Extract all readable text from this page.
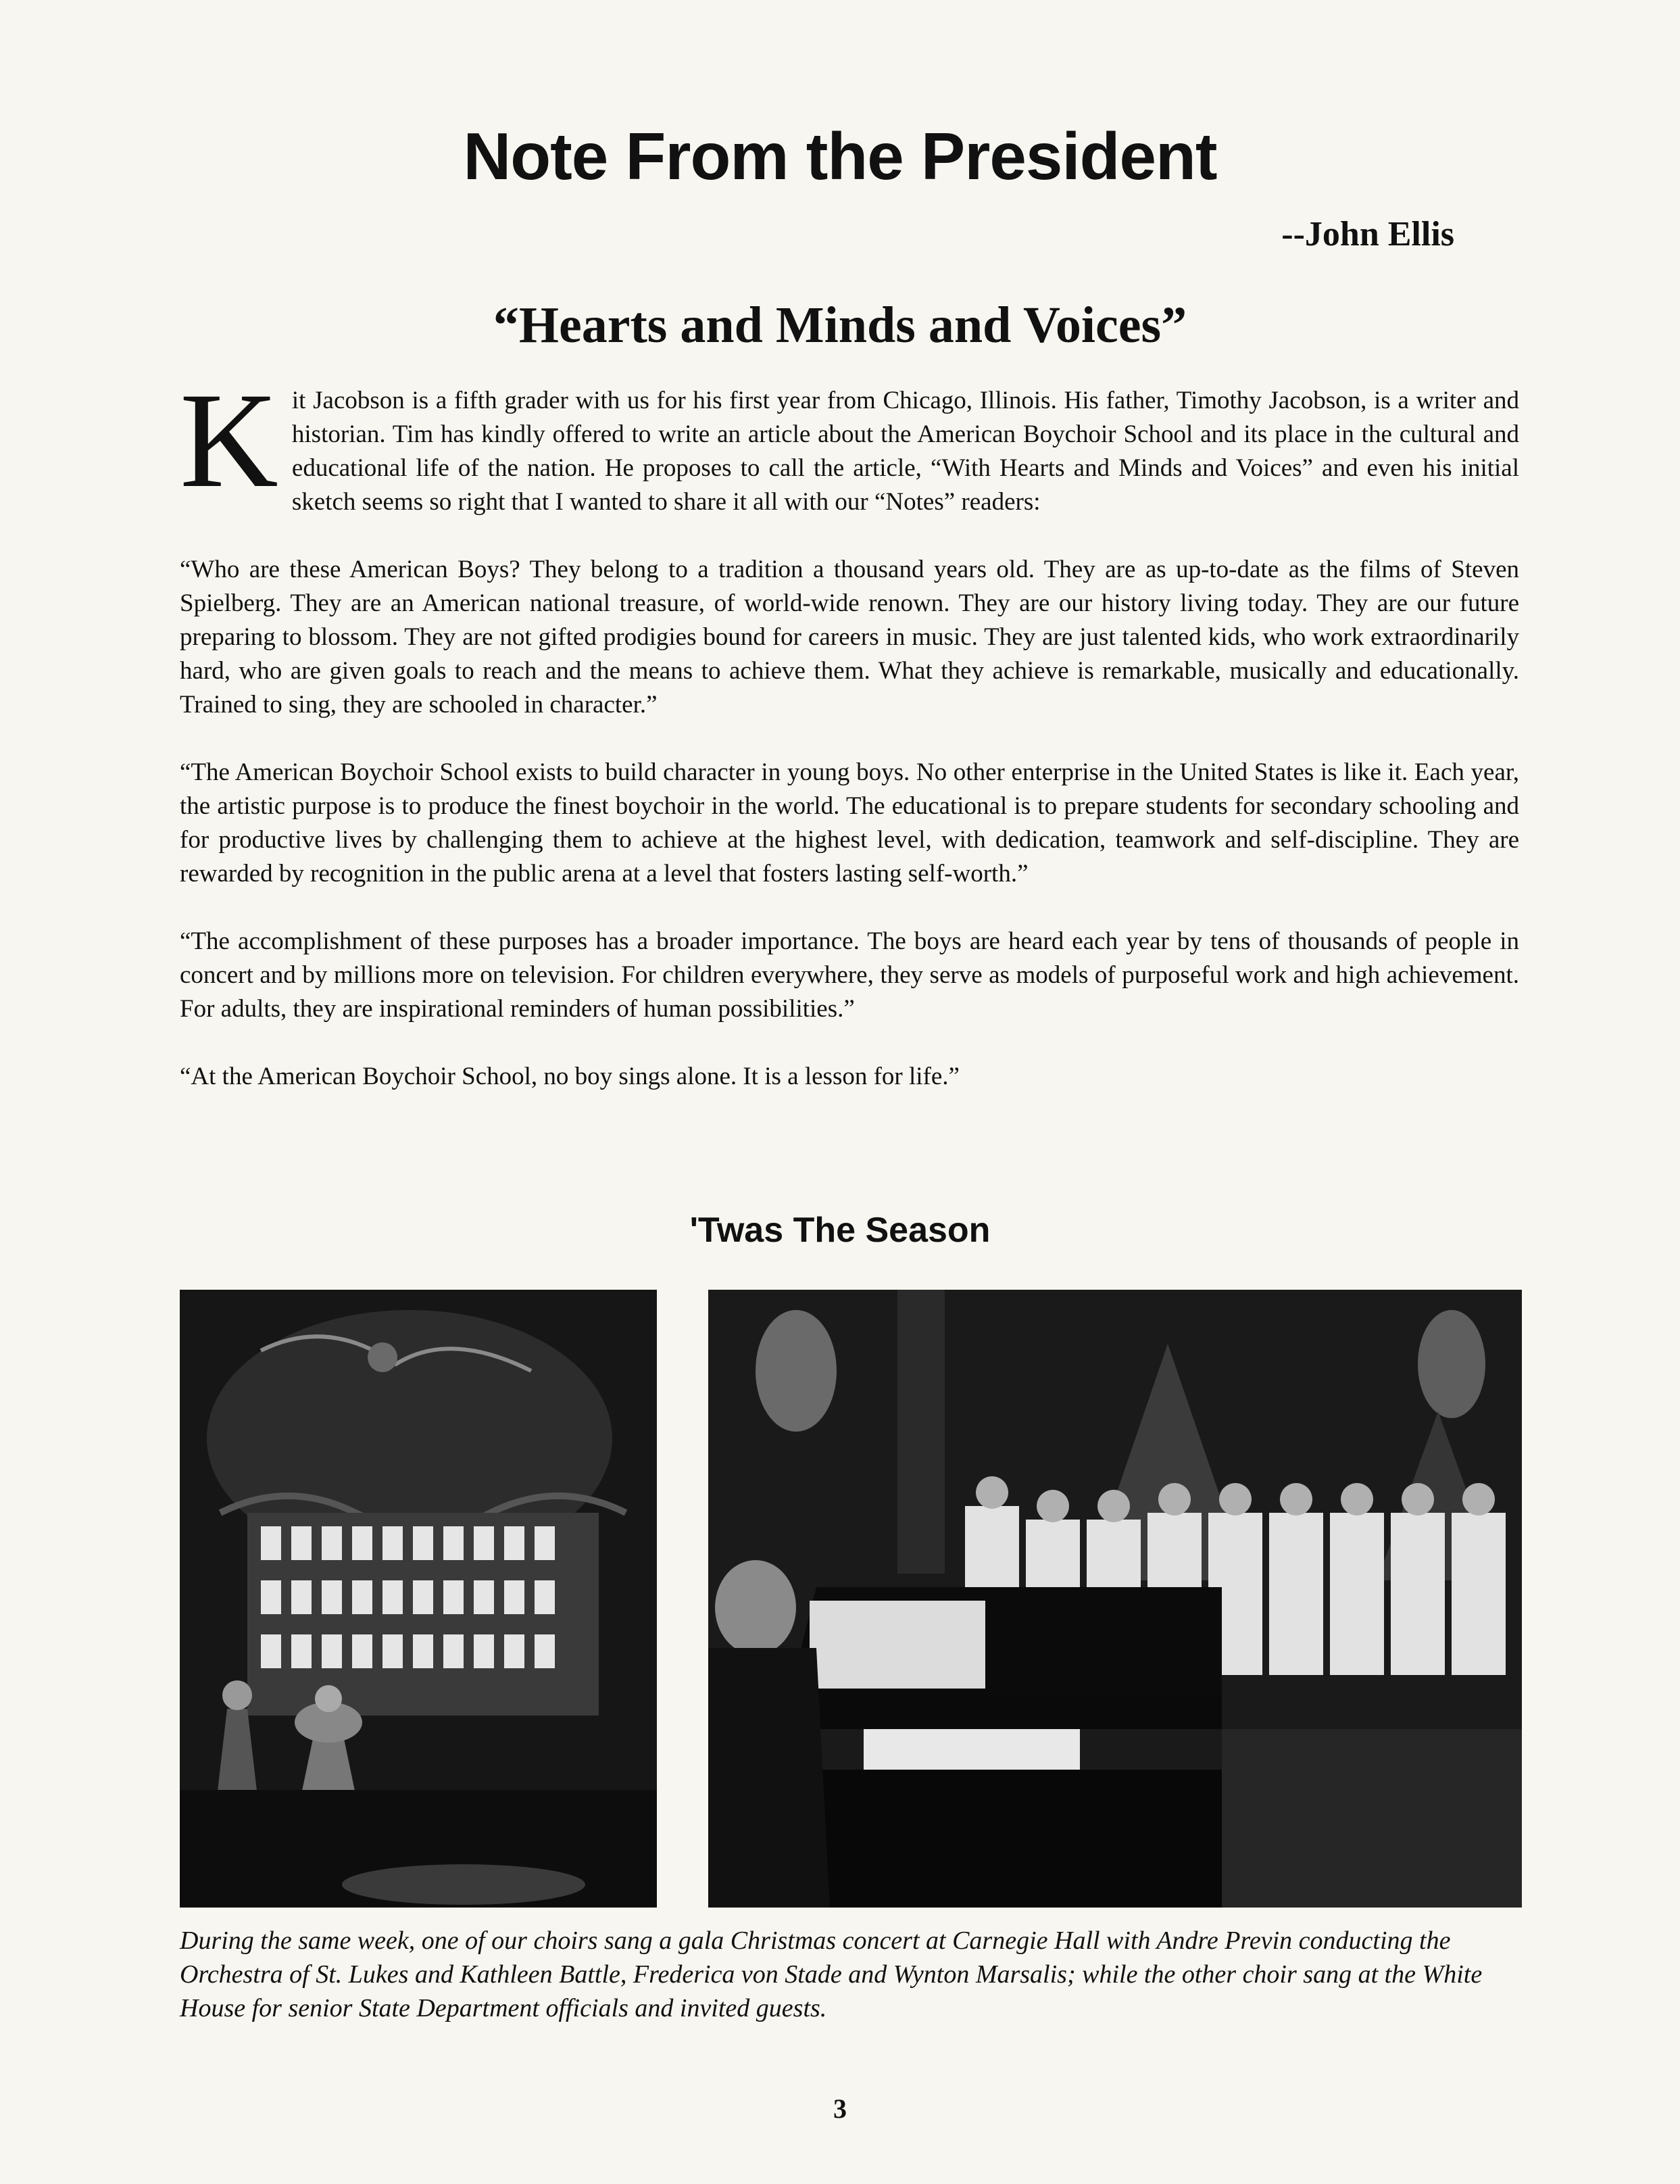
Note From the President
--John Ellis
“Hearts and Minds and Voices”

Kit Jacobson is a fifth grader with us for his first year from Chicago, Illinois. His father, Timothy Jacobson, is a writer and historian. Tim has kindly offered to write an article about the American Boychoir School and its place in the cultural and educational life of the nation. He proposes to call the article, “With Hearts and Minds and Voices” and even his initial sketch seems so right that I wanted to share it all with our “Notes” readers:

“Who are these American Boys? They belong to a tradition a thousand years old. They are as up-to-date as the films of Steven Spielberg. They are an American national treasure, of world-wide renown. They are our history living today. They are our future preparing to blossom. They are not gifted prodigies bound for careers in music. They are just talented kids, who work extraordinarily hard, who are given goals to reach and the means to achieve them. What they achieve is remarkable, musically and educationally. Trained to sing, they are schooled in character.”

“The American Boychoir School exists to build character in young boys. No other enterprise in the United States is like it. Each year, the artistic purpose is to produce the finest boychoir in the world. The educational is to prepare students for secondary schooling and for productive lives by challenging them to achieve at the highest level, with dedication, teamwork and self-discipline. They are rewarded by recognition in the public arena at a level that fosters lasting self-worth.”

“The accomplishment of these purposes has a broader importance. The boys are heard each year by tens of thousands of people in concert and by millions more on television. For children everywhere, they serve as models of purposeful work and high achievement. For adults, they are inspirational reminders of human possibilities.”

“At the American Boychoir School, no boy sings alone. It is a lesson for life.”

'Twas The Season
During the same week, one of our choirs sang a gala Christmas concert at Carnegie Hall with Andre Previn conducting the Orchestra of St. Lukes and Kathleen Battle, Frederica von Stade and Wynton Marsalis; while the other choir sang at the White House for senior State Department officials and invited guests.
3
